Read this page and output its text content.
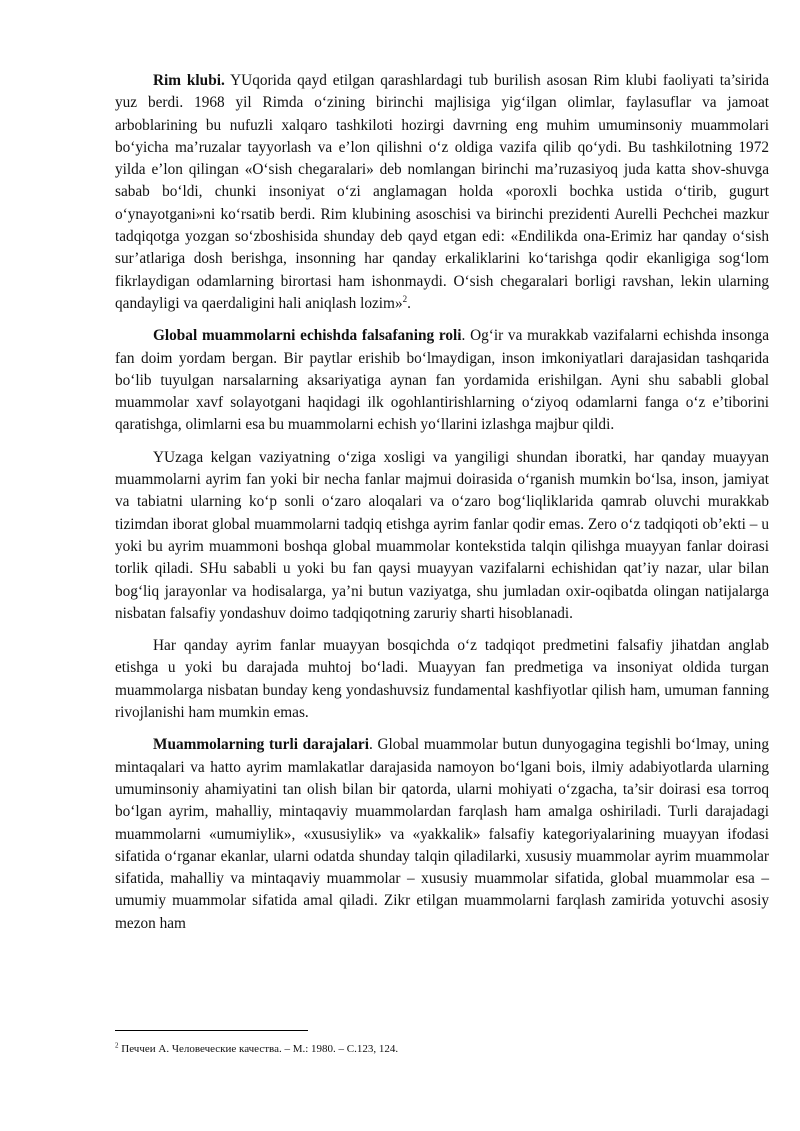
Rim klubi. YUqorida qayd etilgan qarashlardagi tub burilish asosan Rim klubi faoliyati ta’sirida yuz berdi. 1968 yil Rimda o‘zining birinchi majlisiga yig‘ilgan olimlar, faylasuflar va jamoat arboblarining bu nufuzli xalqaro tashkiloti hozirgi davrning eng muhim umuminsoniy muammolari bo‘yicha ma’ruzalar tayyorlash va e’lon qilishni o‘z oldiga vazifa qilib qo‘ydi. Bu tashkilotning 1972 yilda e’lon qilingan «O‘sish chegaralari» deb nomlangan birinchi ma’ruzasiyoq juda katta shov-shuvga sabab bo‘ldi, chunki insoniyat o‘zi anglamagan holda «poroxli bochka ustida o‘tirib, gugurt o‘ynayotgani»ni ko‘rsatib berdi. Rim klubining asoschisi va birinchi prezidenti Aurelli Pechchei mazkur tadqiqotga yozgan so‘zboshisida shunday deb qayd etgan edi: «Endilikda ona-Erimiz har qanday o‘sish sur’atlariga dosh berishga, insonning har qanday erkaliklarini ko‘tarishga qodir ekanligiga sog‘lom fikrlaydigan odamlarning birortasi ham ishonmaydi. O‘sish chegaralari borligi ravshan, lekin ularning qandayligi va qaerdaligini hali aniqlash lozim»$^2$.

Global muammolarni echishda falsafaning roli. Og‘ir va murakkab vazifalarni echishda insonga fan doim yordam bergan. Bir paytlar erishib bo‘lmaydigan, inson imkoniyatlari darajasidan tashqarida bo‘lib tuyulgan narsalarning aksariyatiga aynan fan yordamida erishilgan. Ayni shu sababli global muammolar xavf solayotgani haqidagi ilk ogohlantirishlarning o‘ziyoq odamlarni fanga o‘z e’tiborini qaratishga, olimlarni esa bu muammolarni echish yo‘llarini izlashga majbur qildi.

YUzaga kelgan vaziyatning o‘ziga xosligi va yangiligi shundan iboratki, har qanday muayyan muammolarni ayrim fan yoki bir necha fanlar majmui doirasida o‘rganish mumkin bo‘lsa, inson, jamiyat va tabiatni ularning ko‘p sonli o‘zaro aloqalari va o‘zaro bog‘liqliklarida qamrab oluvchi murakkab tizimdan iborat global muammolarni tadqiq etishga ayrim fanlar qodir emas. Zero o‘z tadqiqoti ob’ekti – u yoki bu ayrim muammoni boshqa global muammolar kontekstida talqin qilishga muayyan fanlar doirasi torlik qiladi. SHu sababli u yoki bu fan qaysi muayyan vazifalarni echishidan qat’iy nazar, ular bilan bog‘liq jarayonlar va hodisalarga, ya’ni butun vaziyatga, shu jumladan oxir-oqibatda olingan natijalarga nisbatan falsafiy yondashuv doimo tadqiqotning zaruriy sharti hisoblanadi.

Har qanday ayrim fanlar muayyan bosqichda o‘z tadqiqot predmetini falsafiy jihatdan anglab etishga u yoki bu darajada muhtoj bo‘ladi. Muayyan fan predmetiga va insoniyat oldida turgan muammolarga nisbatan bunday keng yondashuvsiz fundamental kashfiyotlar qilish ham, umuman fanning rivojlanishi ham mumkin emas.

Muammolarning turli darajalari. Global muammolar butun dunyogagina tegishli bo‘lmay, uning mintaqalari va hatto ayrim mamlakatlar darajasida namoyon bo‘lgani bois, ilmiy adabiyotlarda ularning umuminsoniy ahamiyatini tan olish bilan bir qatorda, ularni mohiyati o‘zgacha, ta’sir doirasi esa torroq bo‘lgan ayrim, mahalliy, mintaqaviy muammolardan farqlash ham amalga oshiriladi. Turli darajadagi muammolarni «umumiylik», «xususiylik» va «yakkalik» falsafiy kategoriyalarining muayyan ifodasi sifatida o‘rganar ekanlar, ularni odatda shunday talqin qiladilarki, xususiy muammolar ayrim muammolar sifatida, mahalliy va mintaqaviy muammolar – xususiy muammolar sifatida, global muammolar esa – umumiy muammolar sifatida amal qiladi. Zikr etilgan muammolarni farqlash zamirida yotuvchi asosiy mezon ham

$^2$ Печчеи А. Человеческие качества. – М.: 1980. – С.123, 124.
